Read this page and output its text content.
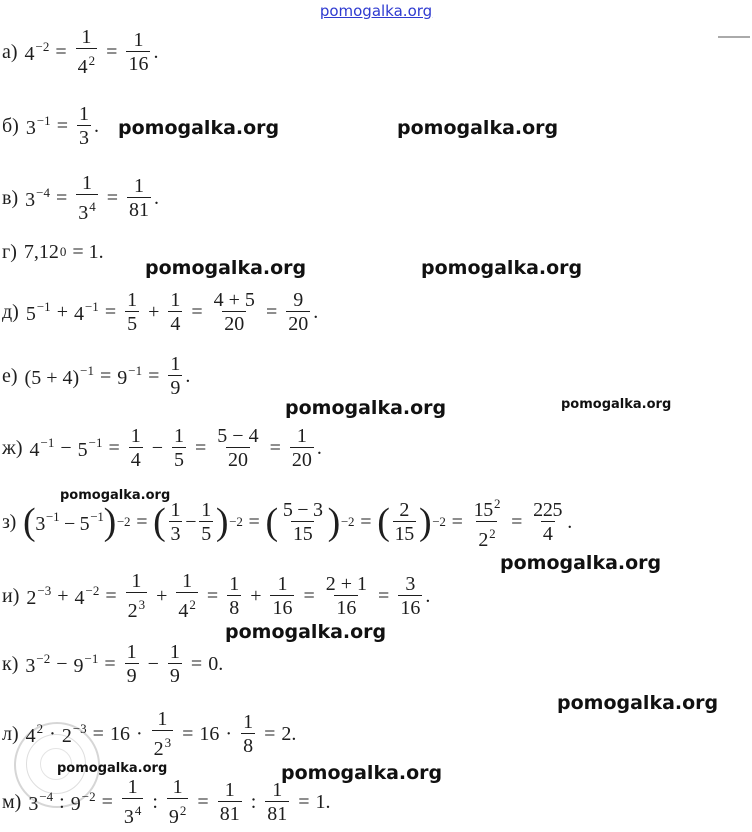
pomogalka.org
а) $4^{-2} = \frac{1}{4^2} = \frac{1}{16}$ .
б) $3^{-1} = \frac{1}{3}$ .
в) $3^{-4} = \frac{1}{3^4} = \frac{1}{81}$ .
г) 7,12 0 = 1.
д) $5^{-1} + 4^{-1} = \frac{1}{5} + \frac{1}{4} = \frac{4 + 5}{20} = \frac{9}{20}$ .
е) $(5 + 4)^{-1} = 9^{-1} = \frac{1}{9}$ .
ж) $4^{-1} - 5^{-1} = \frac{1}{4} - \frac{1}{5} = \frac{5 - 4}{20} = \frac{1}{20}$ .
з) ( $3^{-1} - 5^{-1}$ ) −2 = ( $\frac{1}{3} - \frac{1}{5}$ ) −2 = ( $\frac{5 - 3}{15}$ ) −2 = ( $\frac{2}{15}$ ) $-2 = \frac{15^2}{2^2} = \frac{225}{4}$ .
и) $2^{-3} + 4^{-2} = \frac{1}{2^3} + \frac{1}{4^2} = \frac{1}{8} + \frac{1}{16} = \frac{2 + 1}{16} = \frac{3}{16}$ .
к) $3^{-2} - 9^{-1} = \frac{1}{9} - \frac{1}{9} = 0$.
л) $4^2 \cdot 2^{-3} = 16 \cdot \frac{1}{2^3} = 16 \cdot \frac{1}{8} = 2$.
м) $3^{-4}$ : $9^{-2} = \frac{1}{3^4}$ : $\frac{1}{9^2} = \frac{1}{81}$ : $\frac{1}{81} = 1$.
pomogalka.org	pomogalka.org
pomogalka.org	pomogalka.org
pomogalka.org	pomogalka.org
pomogalka.org
pomogalka.org
pomogalka.org
pomogalka.org
pomogalka.org	pomogalka.org
